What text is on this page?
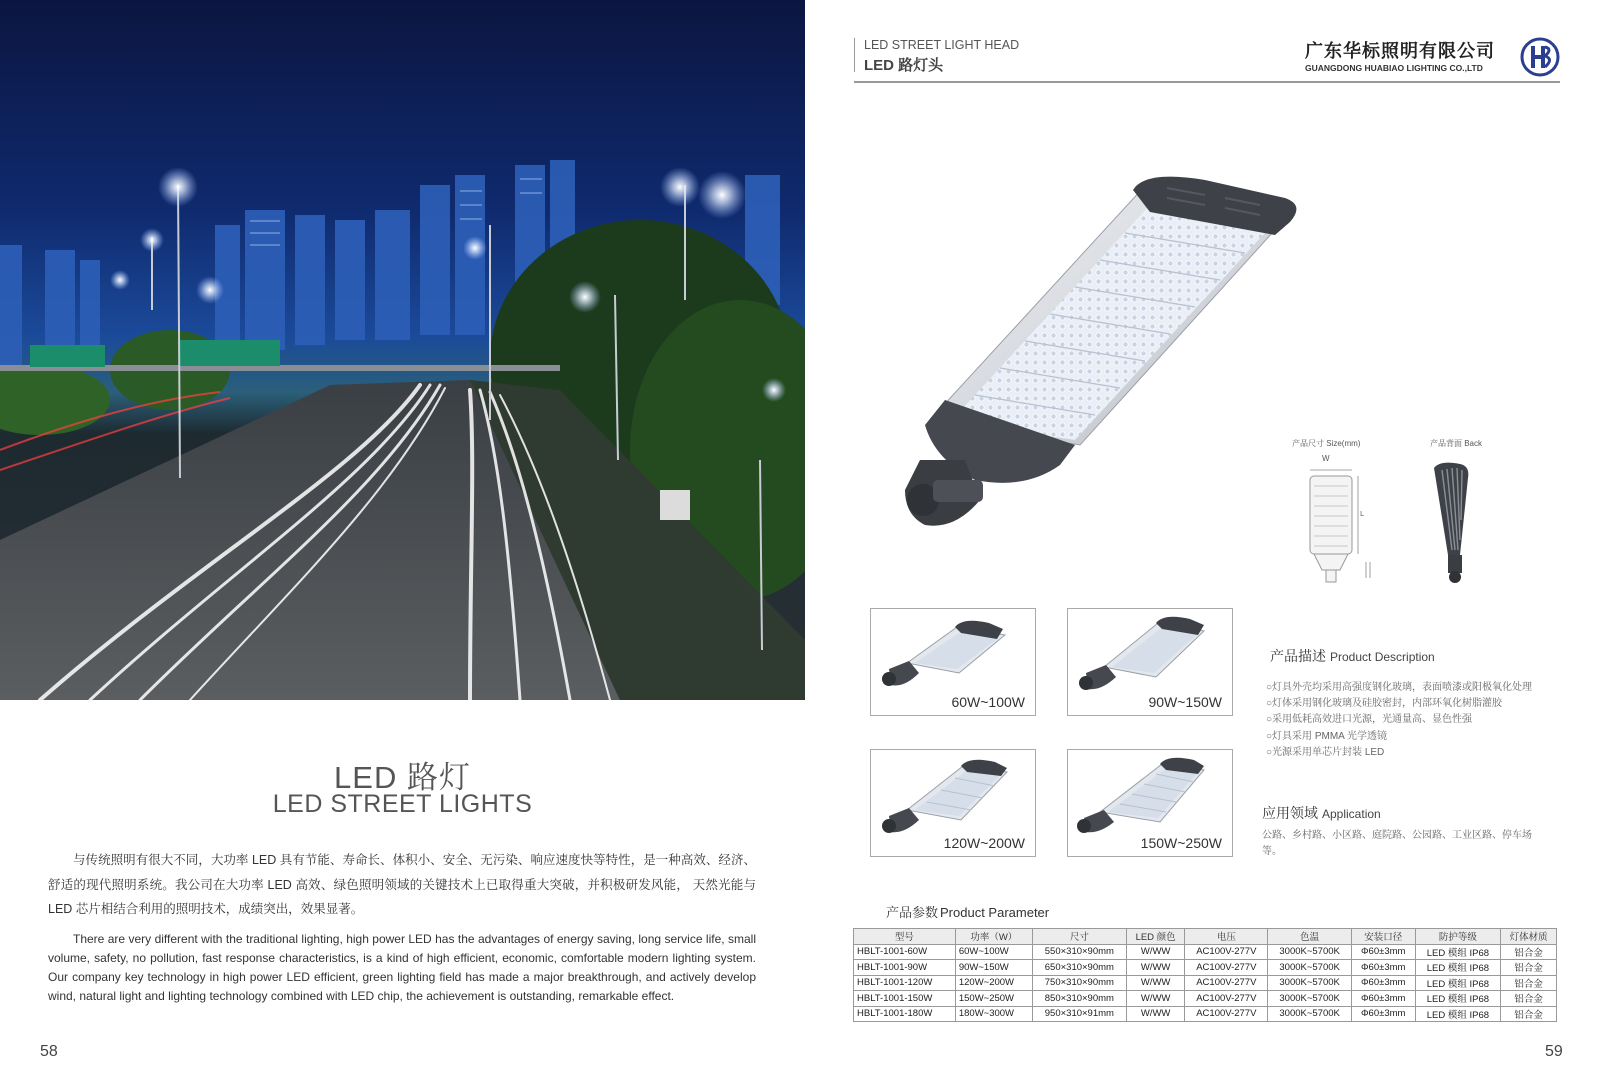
LED 路灯
LED STREET LIGHTS

与传统照明有很大不同，大功率 LED 具有节能、寿命长、体积小、安全、无污染、响应速度快等特性，是一种高效、经济、舒适的现代照明系统。我公司在大功率 LED 高效、绿色照明领域的关键技术上已取得重大突破，并积极研发风能， 天然光能与 LED 芯片相结合利用的照明技术，成绩突出，效果显著。

There are very different with the traditional lighting, high power LED has the advantages of energy saving, long service life, small volume, safety, no pollution, fast response characteristics, is a kind of high efficient, economic, comfortable modern lighting system. Our company key technology in high power LED efficient, green lighting field has made a major breakthrough, and actively develop wind, natural light and lighting technology combined with LED chip, the achievement is outstanding, remarkable effect.

58
LED STREET LIGHT HEAD
LED 路灯头
广东华标照明有限公司
GUANGDONG HUABIAO LIGHTING CO.,LTD
产品尺寸 Size(mm)	产品背面 Back
W
L
60W~100W	90W~150W
120W~200W	150W~250W
产品描述 Product Description
○灯具外壳均采用高强度钢化玻璃，表面喷漆或阳极氧化处理
○灯体采用钢化玻璃及硅胶密封，内部环氧化树脂灌胶
○采用低耗高效进口光源，光通量高、显色性强
○灯具采用 PMMA 光学透镜
○光源采用单芯片封装 LED
应用领域 Application
公路、乡村路、小区路、庭院路、公园路、工业区路、停车场等。
产品参数 Product Parameter
型号	功率（W）	尺寸	LED 颜色	电压	色温	安装口径	防护等级	灯体材质
HBLT-1001-60W	60W~100W	550×310×90mm	W/WW	AC100V-277V	3000K~5700K	Φ60±3mm	LED 模组 IP68	铝合金
HBLT-1001-90W	90W~150W	650×310×90mm	W/WW	AC100V-277V	3000K~5700K	Φ60±3mm	LED 模组 IP68	铝合金
HBLT-1001-120W	120W~200W	750×310×90mm	W/WW	AC100V-277V	3000K~5700K	Φ60±3mm	LED 模组 IP68	铝合金
HBLT-1001-150W	150W~250W	850×310×90mm	W/WW	AC100V-277V	3000K~5700K	Φ60±3mm	LED 模组 IP68	铝合金
HBLT-1001-180W	180W~300W	950×310×91mm	W/WW	AC100V-277V	3000K~5700K	Φ60±3mm	LED 模组 IP68	铝合金
59
